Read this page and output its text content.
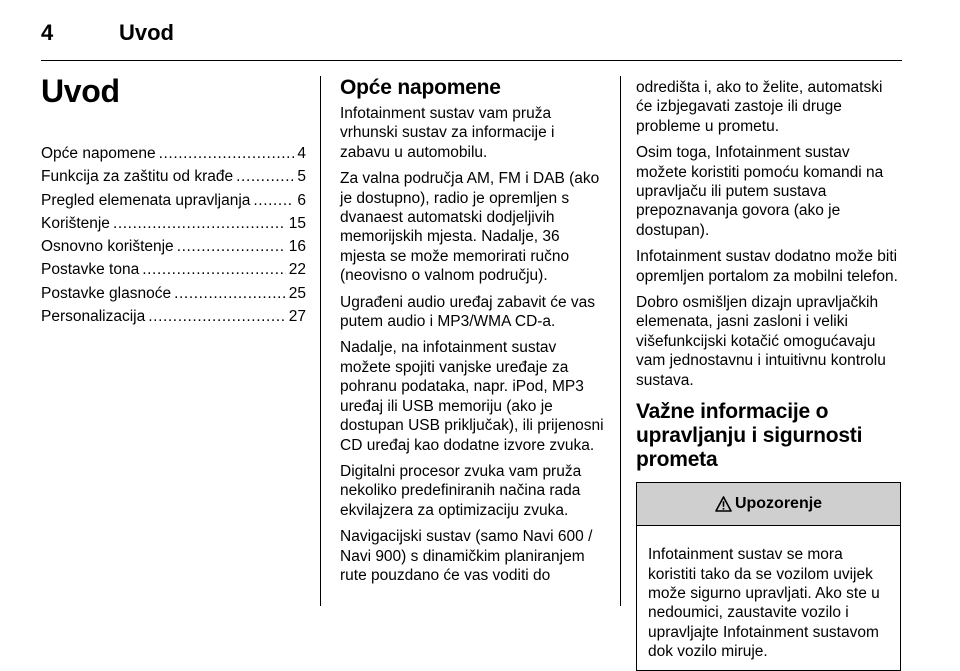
4	Uvod
Uvod
Opće napomene .....	4
Funkcija za zaštitu od krađe .....	5
Pregled elemenata upravljanja .....	6
Korištenje .....	15
Osnovno korištenje .....	16
Postavke tona .....	22
Postavke glasnoće .....	25
Personalizacija .....	27
Opće napomene

Infotainment sustav vam pruža vrhunski sustav za informacije i zabavu u automobilu.

Za valna područja AM, FM i DAB (ako je dostupno), radio je opremljen s dvanaest automatski dodjeljivih memorijskih mjesta. Nadalje, 36 mjesta se može memorirati ručno (neovisno o valnom području).

Ugrađeni audio uređaj zabavit će vas putem audio i MP3/WMA CD-a.

Nadalje, na infotainment sustav možete spojiti vanjske uređaje za pohranu podataka, napr. iPod, MP3 uređaj ili USB memoriju (ako je dostupan USB priključak), ili prijenosni CD uređaj kao dodatne izvore zvuka.

Digitalni procesor zvuka vam pruža nekoliko predefiniranih načina rada ekvilajzera za optimizaciju zvuka.

Navigacijski sustav (samo Navi 600 / Navi 900) s dinamičkim planiranjem rute pouzdano će vas voditi do

odredišta i, ako to želite, automatski će izbjegavati zastoje ili druge probleme u prometu.

Osim toga, Infotainment sustav možete koristiti pomoću komandi na upravljaču ili putem sustava prepoznavanja govora (ako je dostupan).

Infotainment sustav dodatno može biti opremljen portalom za mobilni telefon.

Dobro osmišljen dizajn upravljačkih elemenata, jasni zasloni i veliki višefunkcijski kotačić omogućavaju vam jednostavnu i intuitivnu kontrolu sustava.

Važne informacije o upravljanju i sigurnosti prometa
Upozorenje

Infotainment sustav se mora koristiti tako da se vozilom uvijek može sigurno upravljati. Ako ste u nedoumici, zaustavite vozilo i upravljajte Infotainment sustavom dok vozilo miruje.
